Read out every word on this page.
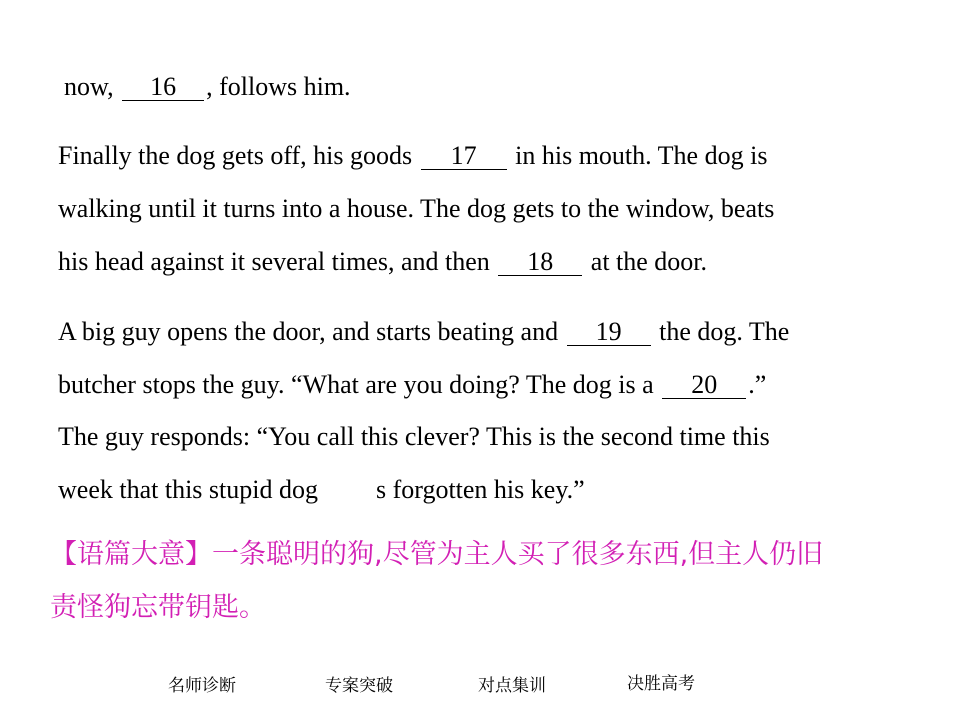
now, 16 , follows him.
Finally the dog gets off, his goods 17 in his mouth. The dog is
walking until it turns into a house. The dog gets to the window, beats
his head against it several times, and then 18 at the door.
A big guy opens the door, and starts beating and 19 the dog. The
butcher stops the guy. “What are you doing? The dog is a 20 .”
The guy responds: “You call this clever? This is the second time this
week that this stupid dog s forgotten his key.”
【语篇大意】一条聪明的狗,尽管为主人买了很多东西,但主人仍旧
责怪狗忘带钥匙。
名师诊断	专案突破	对点集训	决胜高考
